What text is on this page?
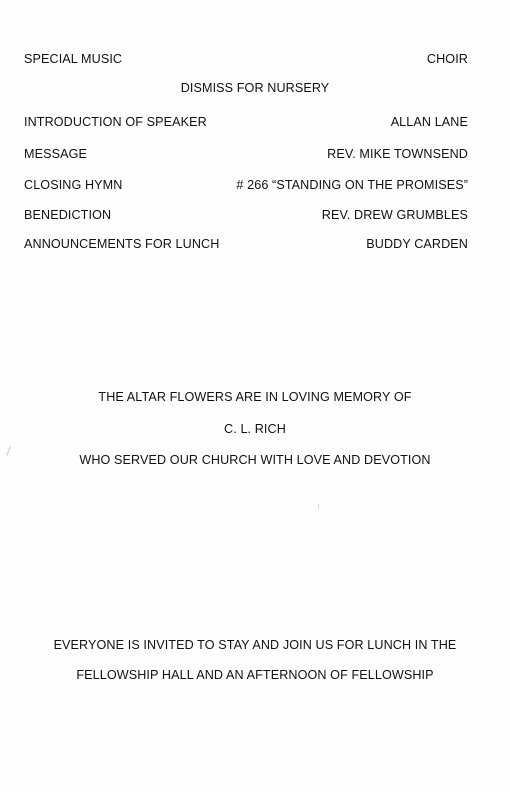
SPECIAL MUSIC	CHOIR
DISMISS FOR NURSERY
INTRODUCTION OF SPEAKER	ALLAN LANE
MESSAGE	REV. MIKE TOWNSEND
CLOSING HYMN	# 266 “STANDING ON THE PROMISES”
BENEDICTION	REV. DREW GRUMBLES
ANNOUNCEMENTS FOR LUNCH	BUDDY CARDEN
THE ALTAR FLOWERS ARE IN LOVING MEMORY OF
C. L. RICH
WHO SERVED OUR CHURCH WITH LOVE AND DEVOTION
EVERYONE IS INVITED TO STAY AND JOIN US FOR LUNCH IN THE
FELLOWSHIP HALL AND AN AFTERNOON OF FELLOWSHIP
